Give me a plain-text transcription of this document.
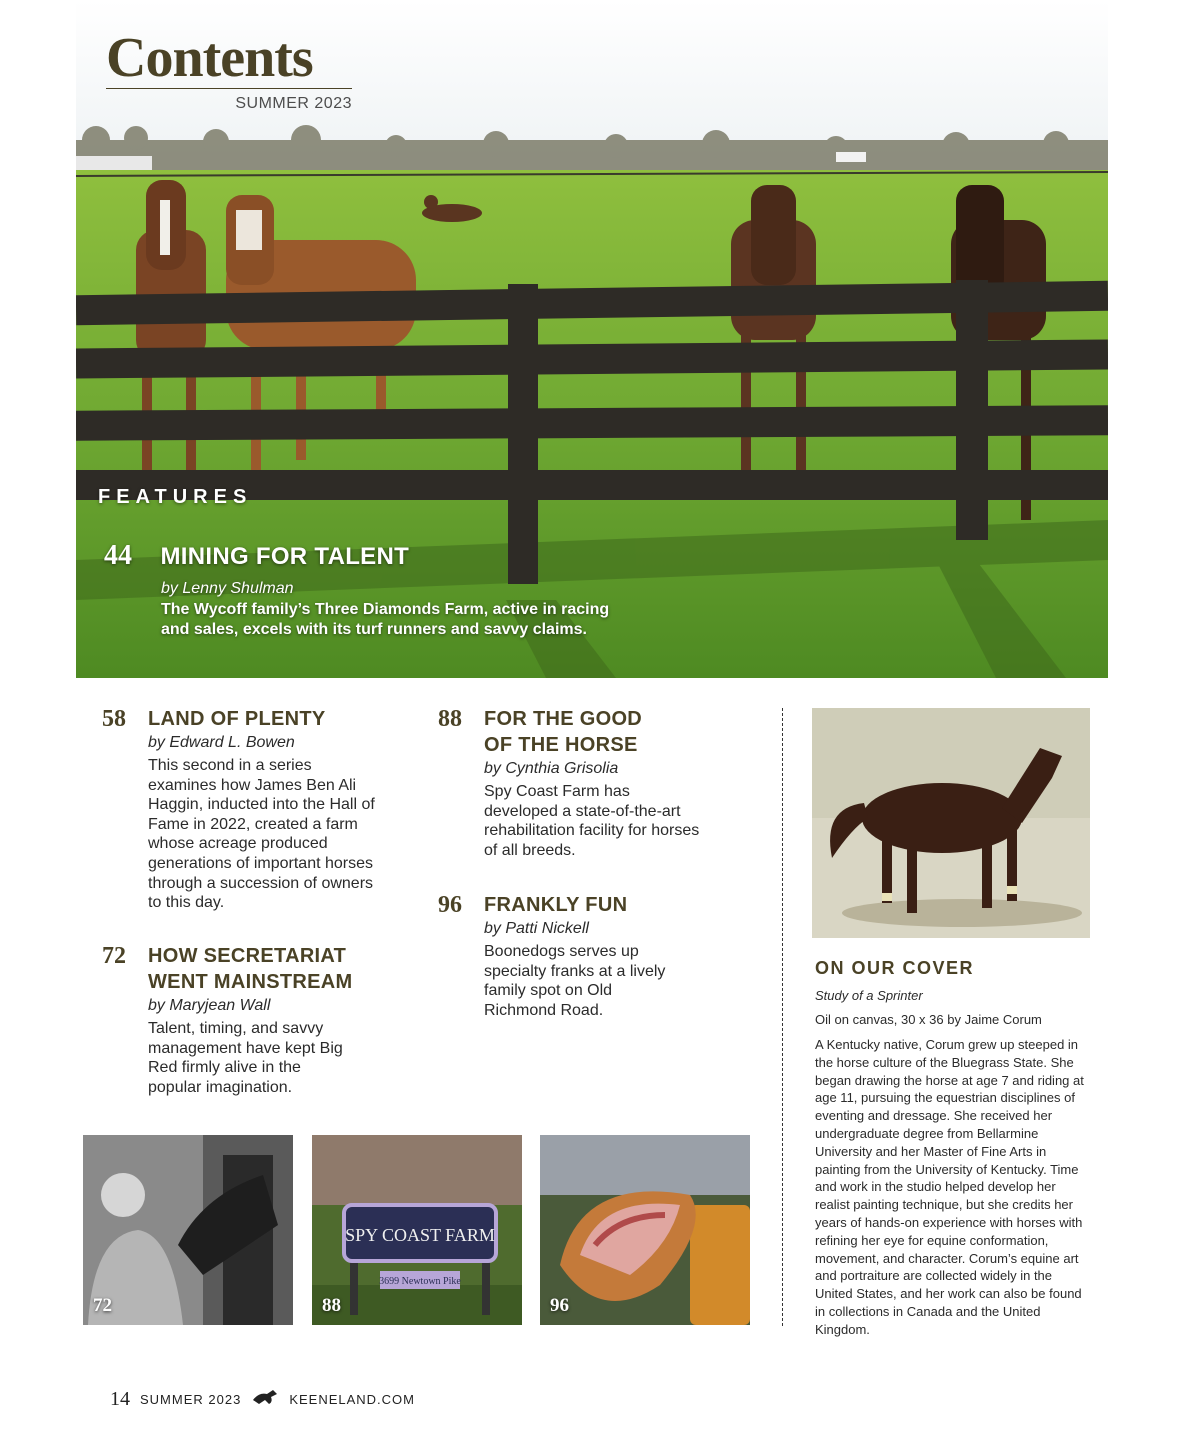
Contents
SUMMER 2023
FEATURES
44 MINING FOR TALENT
by Lenny Shulman
The Wycoff family’s Three Diamonds Farm, active in racing and sales, excels with its turf runners and savvy claims.
58	LAND OF PLENTY
by Edward L. Bowen
This second in a series examines how James Ben Ali Haggin, inducted into the Hall of Fame in 2022, created a farm whose acreage produced generations of important horses through a succession of owners to this day.
72	HOW SECRETARIAT WENT MAINSTREAM
by Maryjean Wall
Talent, timing, and savvy management have kept Big Red firmly alive in the popular imagination.
88	FOR THE GOOD OF THE HORSE
by Cynthia Grisolia
Spy Coast Farm has developed a state-of-the-art rehabilitation facility for horses of all breeds.
96	FRANKLY FUN
by Patti Nickell
Boonedogs serves up specialty franks at a lively family spot on Old Richmond Road.
ON OUR COVER
Study of a Sprinter
Oil on canvas, 30 x 36 by Jaime Corum
A Kentucky native, Corum grew up steeped in the horse culture of the Bluegrass State. She began drawing the horse at age 7 and riding at age 11, pursuing the equestrian disciplines of eventing and dressage. She received her undergraduate degree from Bellarmine University and her Master of Fine Arts in painting from the University of Kentucky. Time and work in the studio helped develop her realist painting technique, but she credits her years of hands-on experience with horses with refining her eye for equine conformation, movement, and character. Corum’s equine art and portraiture are collected widely in the United States, and her work can also be found in collections in Canada and the United Kingdom.
72
SPY COAST FARM
3699 Newtown Pike
88	96
14 SUMMER 2023	KEENELAND.COM
